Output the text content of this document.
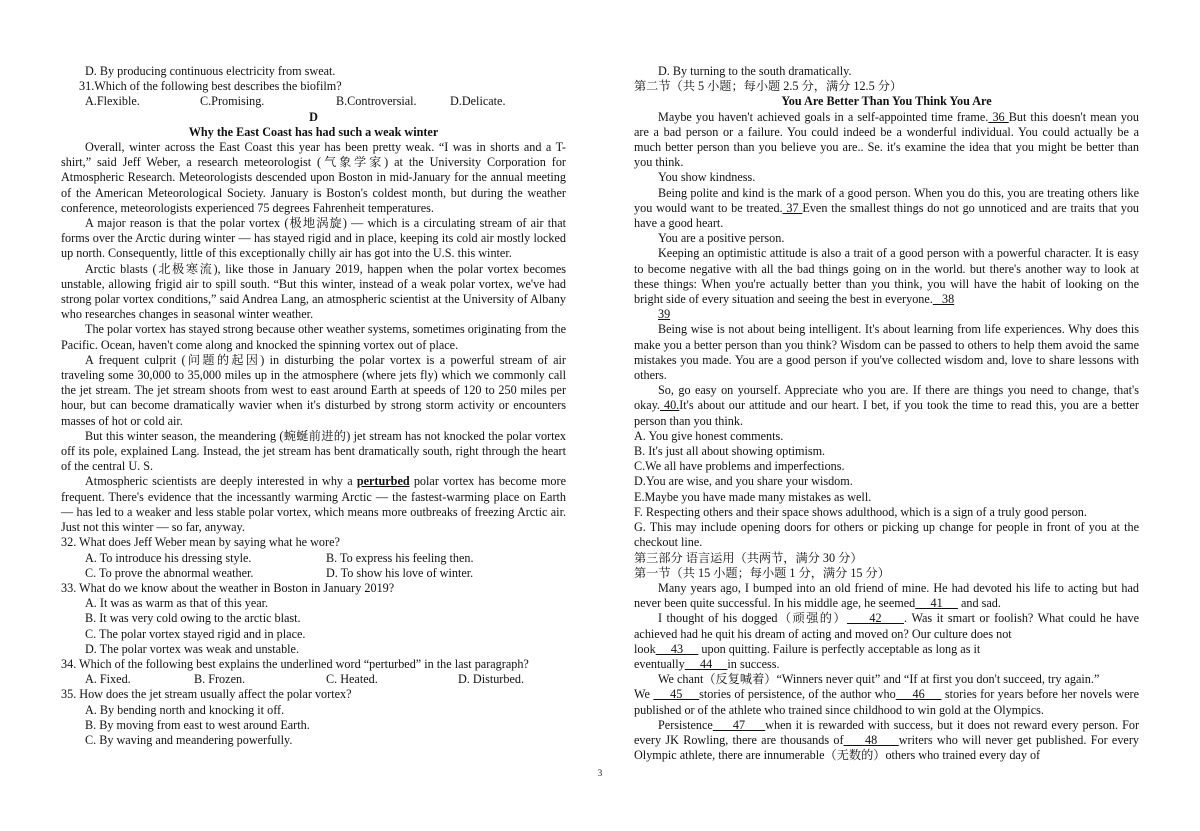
D. By producing continuous electricity from sweat.

31.Which of the following best describes the biofilm?

A.Flexible.	C.Promising.	B.Controversial.	D.Delicate.

D

Why the East Coast has had such a weak winter

Overall, winter across the East Coast this year has been pretty weak. “I was in shorts and a T-shirt,” said Jeff Weber, a research meteorologist (气象学家) at the University Corporation for Atmospheric Research. Meteorologists descended upon Boston in mid-January for the annual meeting of the American Meteorological Society. January is Boston's coldest month, but during the weather conference, meteorologists experienced 75 degrees Fahrenheit temperatures.

A major reason is that the polar vortex (极地涡旋) — which is a circulating stream of air that forms over the Arctic during winter — has stayed rigid and in place, keeping its cold air mostly locked up north. Consequently, little of this exceptionally chilly air has got into the U.S. this winter.

Arctic blasts (北极寒流), like those in January 2019, happen when the polar vortex becomes unstable, allowing frigid air to spill south. “But this winter, instead of a weak polar vortex, we've had strong polar vortex conditions,” said Andrea Lang, an atmospheric scientist at the University of Albany who researches changes in seasonal winter weather.

The polar vortex has stayed strong because other weather systems, sometimes originating from the Pacific. Ocean, haven't come along and knocked the spinning vortex out of place.

A frequent culprit (问题的起因) in disturbing the polar vortex is a powerful stream of air traveling some 30,000 to 35,000 miles up in the atmosphere (where jets fly) which we commonly call the jet stream. The jet stream shoots from west to east around Earth at speeds of 120 to 250 miles per hour, but can become dramatically wavier when it's disturbed by strong storm activity or encounters masses of hot or cold air.

But this winter season, the meandering (蜿蜒前进的) jet stream has not knocked the polar vortex off its pole, explained Lang. Instead, the jet stream has bent dramatically south, right through the heart of the central U. S.

Atmospheric scientists are deeply interested in why a perturbed polar vortex has become more frequent. There's evidence that the incessantly warming Arctic — the fastest-warming place on Earth — has led to a weaker and less stable polar vortex, which means more outbreaks of freezing Arctic air. Just not this winter — so far, anyway.

32. What does Jeff Weber mean by saying what he wore?

A. To introduce his dressing style.	B. To express his feeling then.
C. To prove the abnormal weather.	D. To show his love of winter.

33. What do we know about the weather in Boston in January 2019?

A. It was as warm as that of this year.

B. It was very cold owing to the arctic blast.

C. The polar vortex stayed rigid and in place.

D. The polar vortex was weak and unstable.

34. Which of the following best explains the underlined word “perturbed” in the last paragraph?

A. Fixed.	B. Frozen.	C. Heated.	D. Disturbed.

35. How does the jet stream usually affect the polar vortex?

A. By bending north and knocking it off.

B. By moving from east to west around Earth.

C. By waving and meandering powerfully.

D. By turning to the south dramatically.

第二节（共 5 小题；每小题 2.5 分，满分 12.5 分）

You Are Better Than You Think You Are

Maybe you haven't achieved goals in a self-appointed time frame. 36 But this doesn't mean you are a bad person or a failure. You could indeed be a wonderful individual. You could actually be a much better person than you believe you are.. Se. it's examine the idea that you might be better than you think.

You show kindness.

Being polite and kind is the mark of a good person. When you do this, you are treating others like you would want to be treated. 37 Even the smallest things do not go unnoticed and are traits that you have a good heart.

You are a positive person.

Keeping an optimistic attitude is also a trait of a good person with a powerful character. It is easy to become negative with all the bad things going on in the world. but there's another way to look at these things: When you're actually better than you think, you will have the habit of looking on the bright side of every situation and seeing the best in everyone.   38

39

Being wise is not about being intelligent. It's about learning from life experiences. Why does this make you a better person than you think? Wisdom can be passed to others to help them avoid the same mistakes you made. You are a good person if you've collected wisdom and, love to share lessons with others.

So, go easy on yourself. Appreciate who you are. If there are things you need to change, that's okay. 40.It's about our attitude and our heart. I bet, if you took the time to read this, you are a better person than you think.

A. You give honest comments.

B. It's just all about showing optimism.

C.We all have problems and imperfections.

D.You are wise, and you share your wisdom.

E.Maybe you have made many mistakes as well.

F. Respecting others and their space shows adulthood, which is a sign of a truly good person.

G. This may include opening doors for others or picking up change for people in front of you at the checkout line.

第三部分 语言运用（共两节，满分 30 分）

第一节（共 15 小题；每小题 1 分，满分 15 分）

Many years ago, I bumped into an old friend of mine. He had devoted his life to acting but had never been quite successful. In his middle age, he seemed     41      and sad.

I thought of his dogged（顽强的）     42     . Was it smart or foolish? What could he have achieved had he quit his dream of acting and moved on? Our culture does not

look     43      upon quitting. Failure is perfectly acceptable as long as it

eventually     44     in success.

We chant（反复喊着）“Winners never quit” and “If at first you don't succeed, try again.”

We      45     stories of persistence, of the author who     46      stories for years before her novels were published or of the athlete who trained since childhood to win gold at the Olympics.

Persistence     47     when it is rewarded with success, but it does not reward every person. For every JK Rowling, there are thousands of     48     writers who will never get published. For every Olympic athlete, there are innumerable（无数的）others who trained every day of

3
